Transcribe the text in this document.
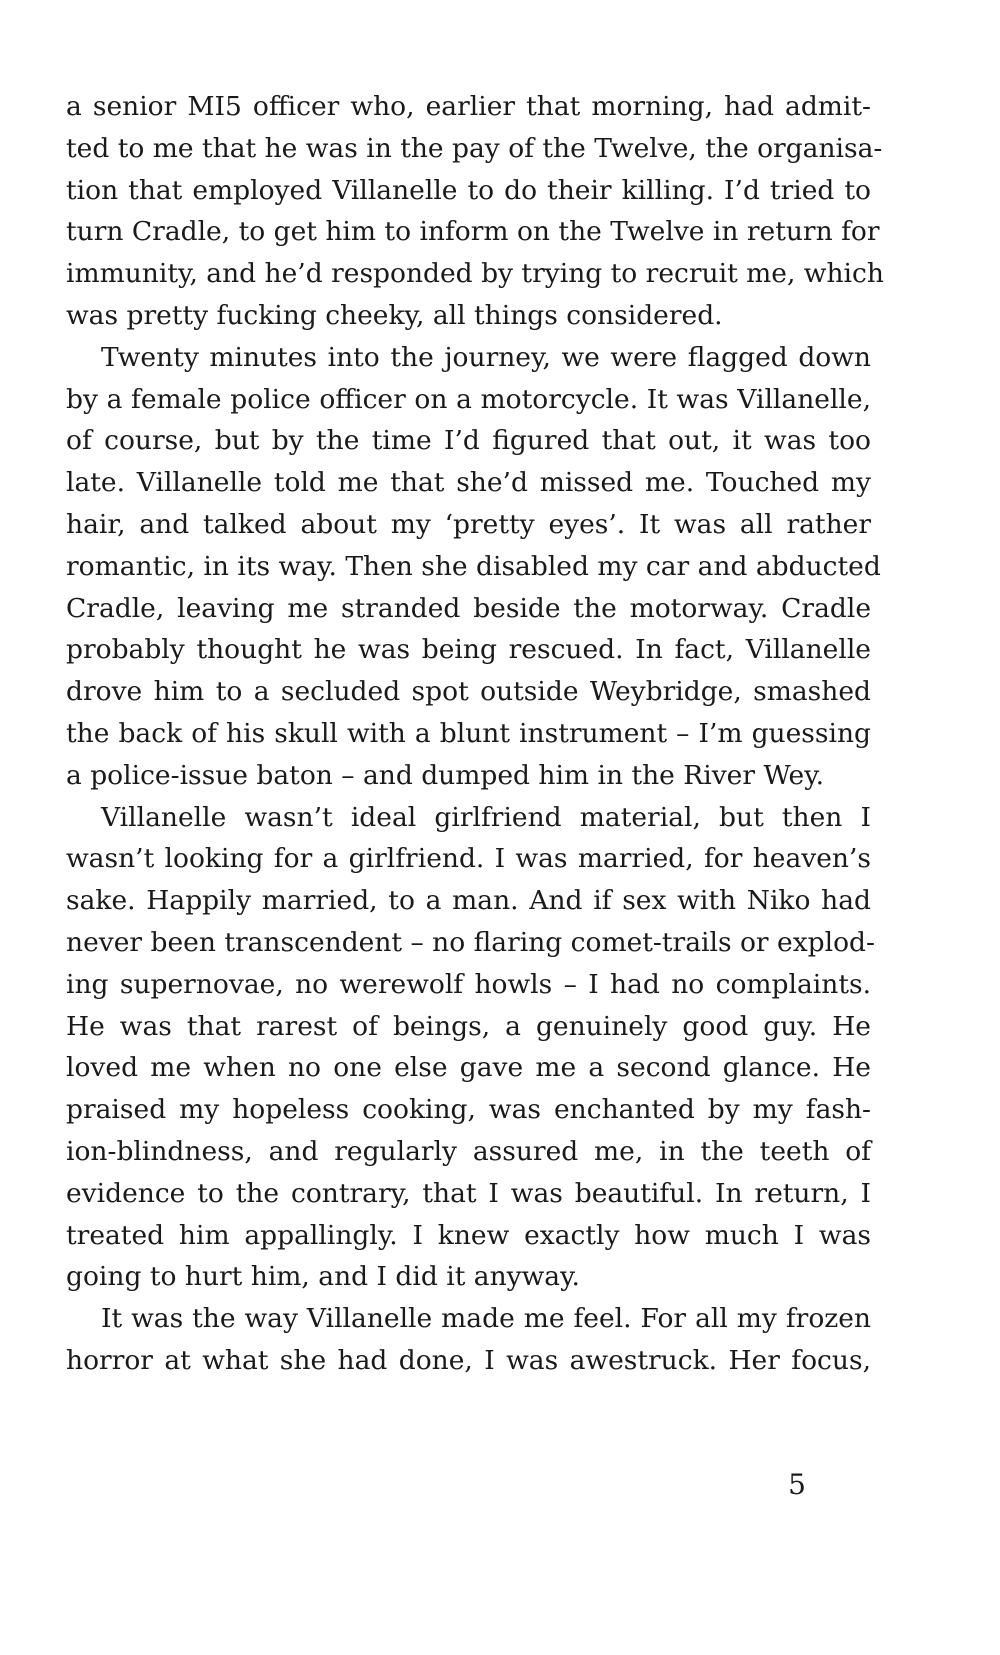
a senior MI5 officer who, earlier that morning, had admit-
ted to me that he was in the pay of the Twelve, the organisa-
tion that employed Villanelle to do their killing. I’d tried to
turn Cradle, to get him to inform on the Twelve in return for
immunity, and he’d responded by trying to recruit me, which
was pretty fucking cheeky, all things considered.
Twenty minutes into the journey, we were flagged down
by a female police officer on a motorcycle. It was Villanelle,
of course, but by the time I’d figured that out, it was too
late. Villanelle told me that she’d missed me. Touched my
hair, and talked about my ‘pretty eyes’. It was all rather
romantic, in its way. Then she disabled my car and abducted
Cradle, leaving me stranded beside the motorway. Cradle
probably thought he was being rescued. In fact, Villanelle
drove him to a secluded spot outside Weybridge, smashed
the back of his skull with a blunt instrument – I’m guessing
a police-issue baton – and dumped him in the River Wey.
Villanelle wasn’t ideal girlfriend material, but then I
wasn’t looking for a girlfriend. I was married, for heaven’s
sake. Happily married, to a man. And if sex with Niko had
never been transcendent – no flaring comet-trails or explod-
ing supernovae, no werewolf howls – I had no complaints.
He was that rarest of beings, a genuinely good guy. He
loved me when no one else gave me a second glance. He
praised my hopeless cooking, was enchanted by my fash-
ion-blindness, and regularly assured me, in the teeth of
evidence to the contrary, that I was beautiful. In return, I
treated him appallingly. I knew exactly how much I was
going to hurt him, and I did it anyway.
It was the way Villanelle made me feel. For all my frozen
horror at what she had done, I was awestruck. Her focus,
5
